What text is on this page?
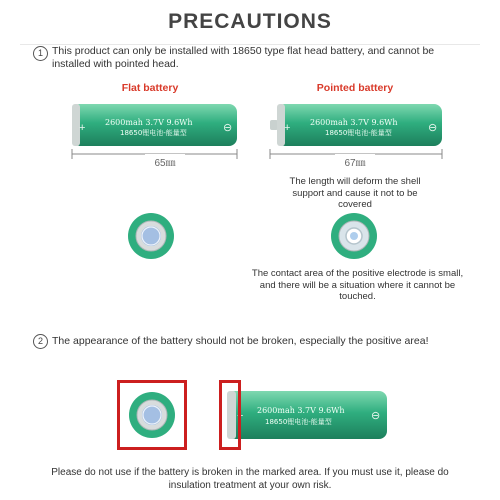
PRECAUTIONS
1 This product can only be installed with 18650 type flat head battery, and cannot be installed with pointed head.
Flat battery	Pointed battery
+	⊖
2600mah 3.7V 9.6Wh
18650锂电池-能量型
65㎜
+	⊖
2600mah 3.7V 9.6Wh
18650锂电池-能量型
67㎜
The length will deform the shell support and cause it not to be covered
The contact area of the positive electrode is small, and there will be a situation where it cannot be touched.
2 The appearance of the battery should not be broken, especially the positive area!
+	⊖
2600mah 3.7V 9.6Wh
18650锂电池-能量型
Please do not use if the battery is broken in the marked area. If you must use it, please do insulation treatment at your own risk.
